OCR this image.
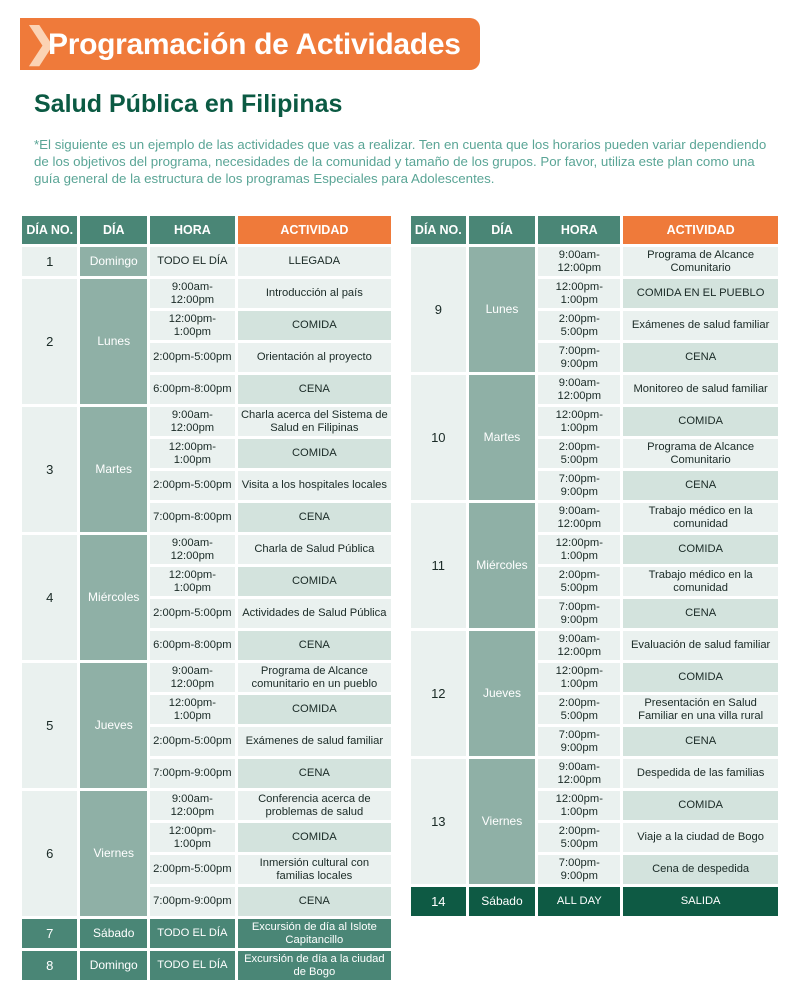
❯
Programación de Actividades
Salud Pública en Filipinas
*El siguiente es un ejemplo de las actividades que vas a realizar. Ten en cuenta que los horarios pueden variar dependiendo de los objetivos del programa, necesidades de la comunidad y tamaño de los grupos. Por favor, utiliza este plan como una guía general de la estructura de los programas Especiales para Adolescentes.
DÍA NO.	DÍA	HORA	ACTIVIDAD
1	Domingo	TODO EL DÍA	LLEGADA
2	Lunes	9:00am-12:00pm	Introducción al país
		12:00pm-1:00pm	COMIDA
		2:00pm-5:00pm	Orientación al proyecto
		6:00pm-8:00pm	CENA
3	Martes	9:00am-12:00pm	Charla acerca del Sistema de Salud en Filipinas
		12:00pm-1:00pm	COMIDA
		2:00pm-5:00pm	Visita a los hospitales locales
		7:00pm-8:00pm	CENA
4	Miércoles	9:00am-12:00pm	Charla de Salud Pública
		12:00pm-1:00pm	COMIDA
		2:00pm-5:00pm	Actividades de Salud Pública
		6:00pm-8:00pm	CENA
5	Jueves	9:00am-12:00pm	Programa de Alcance comunitario en un pueblo
		12:00pm-1:00pm	COMIDA
		2:00pm-5:00pm	Exámenes de salud familiar
		7:00pm-9:00pm	CENA
6	Viernes	9:00am-12:00pm	Conferencia acerca de problemas de salud
		12:00pm-1:00pm	COMIDA
		2:00pm-5:00pm	Inmersión cultural con familias locales
		7:00pm-9:00pm	CENA
7	Sábado	TODO EL DÍA	Excursión de día al Islote Capitancillo
8	Domingo	TODO EL DÍA	Excursión de día a la ciudad de Bogo
DÍA NO.	DÍA	HORA	ACTIVIDAD
9	Lunes	9:00am-12:00pm	Programa de Alcance Comunitario
		12:00pm-1:00pm	COMIDA EN EL PUEBLO
		2:00pm-5:00pm	Exámenes de salud familiar
		7:00pm-9:00pm	CENA
10	Martes	9:00am-12:00pm	Monitoreo de salud familiar
		12:00pm-1:00pm	COMIDA
		2:00pm-5:00pm	Programa de Alcance Comunitario
		7:00pm-9:00pm	CENA
11	Miércoles	9:00am-12:00pm	Trabajo médico en la comunidad
		12:00pm-1:00pm	COMIDA
		2:00pm-5:00pm	Trabajo médico en la comunidad
		7:00pm-9:00pm	CENA
12	Jueves	9:00am-12:00pm	Evaluación de salud familiar
		12:00pm-1:00pm	COMIDA
		2:00pm-5:00pm	Presentación en Salud Familiar en una villa rural
		7:00pm-9:00pm	CENA
13	Viernes	9:00am-12:00pm	Despedida de las familias
		12:00pm-1:00pm	COMIDA
		2:00pm-5:00pm	Viaje a la ciudad de Bogo
		7:00pm-9:00pm	Cena de despedida
14	Sábado	ALL DAY	SALIDA
